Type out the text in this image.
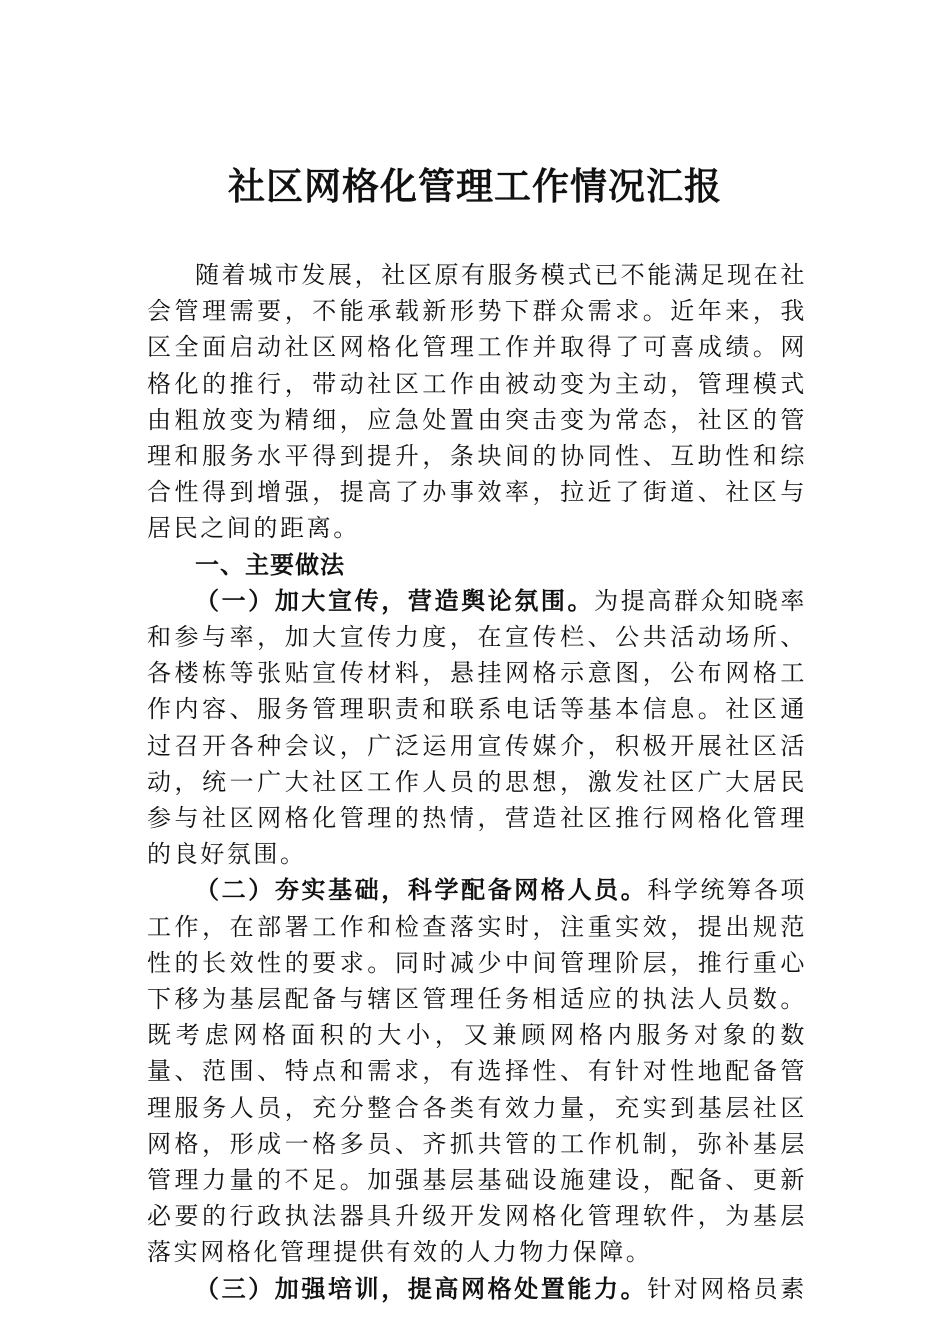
社区网格化管理工作情况汇报

随着城市发展，社区原有服务模式已不能满足现在社会管理需要，不能承载新形势下群众需求。近年来，我区全面启动社区网格化管理工作并取得了可喜成绩。网格化的推行，带动社区工作由被动变为主动，管理模式由粗放变为精细，应急处置由突击变为常态，社区的管理和服务水平得到提升，条块间的协同性、互助性和综合性得到增强，提高了办事效率，拉近了街道、社区与居民之间的距离。

一、主要做法

（一）加大宣传，营造舆论氛围。为提高群众知晓率和参与率，加大宣传力度，在宣传栏、公共活动场所、各楼栋等张贴宣传材料，悬挂网格示意图，公布网格工作内容、服务管理职责和联系电话等基本信息。社区通过召开各种会议，广泛运用宣传媒介，积极开展社区活动，统一广大社区工作人员的思想，激发社区广大居民参与社区网格化管理的热情，营造社区推行网格化管理的良好氛围。

（二）夯实基础，科学配备网格人员。科学统筹各项工作，在部署工作和检查落实时，注重实效，提出规范性的长效性的要求。同时减少中间管理阶层，推行重心下移为基层配备与辖区管理任务相适应的执法人员数。既考虑网格面积的大小，又兼顾网格内服务对象的数量、范围、特点和需求，有选择性、有针对性地配备管理服务人员，充分整合各类有效力量，充实到基层社区网格，形成一格多员、齐抓共管的工作机制，弥补基层管理力量的不足。加强基层基础设施建设，配备、更新必要的行政执法器具升级开发网格化管理软件，为基层落实网格化管理提供有效的人力物力保障。

（三）加强培训，提高网格处置能力。针对网格员素
